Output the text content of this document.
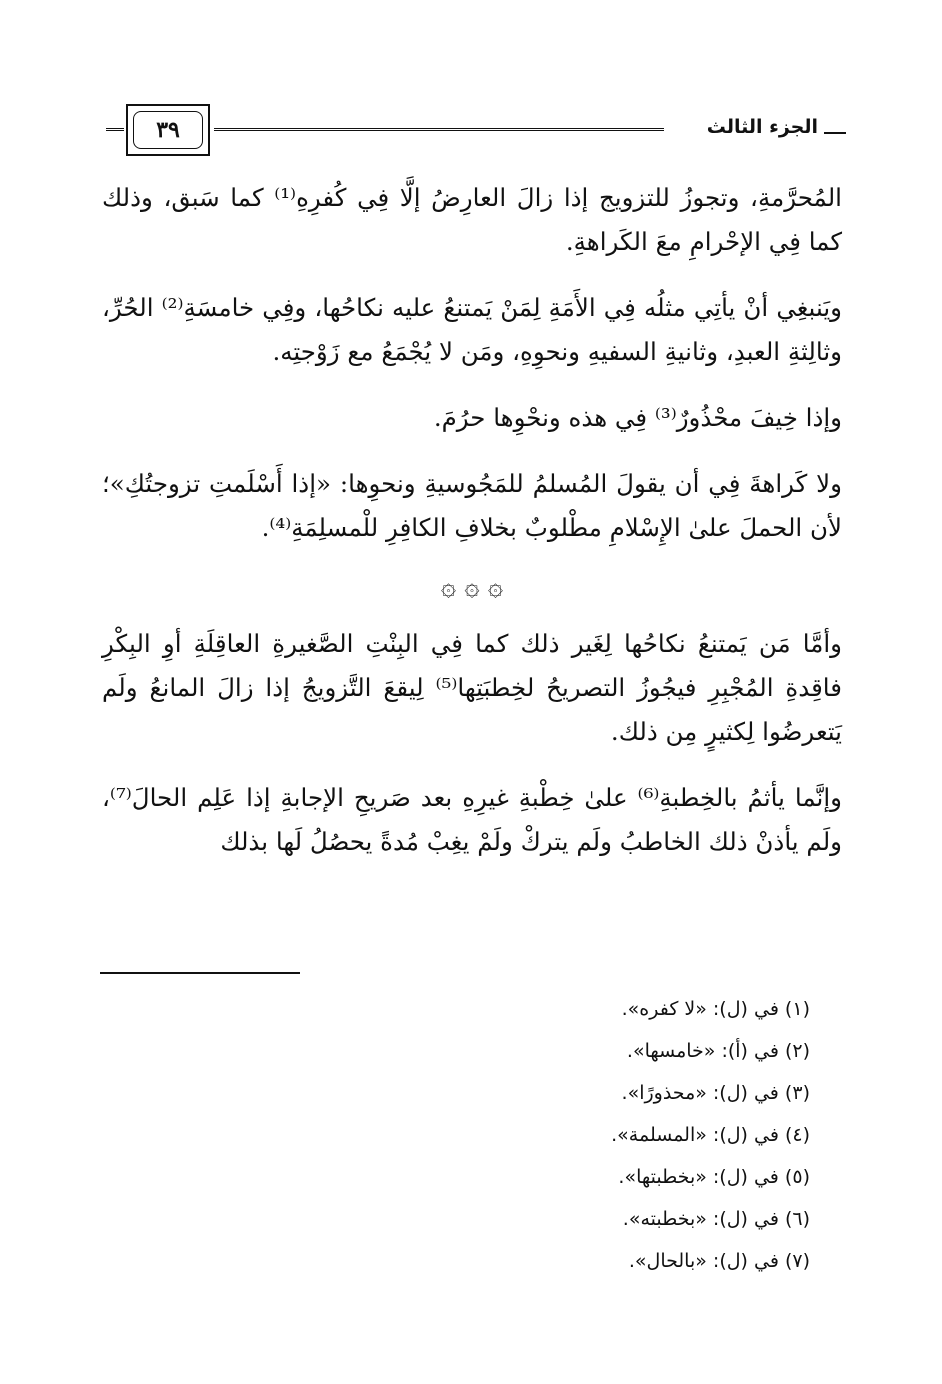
الجزء الثالث
٣٩

المُحرَّمةِ، وتجوزُ للتزويج إذا زالَ العارِضُ إلَّا فِي كُفرِهِ⁽¹⁾ كما سَبق، وذلك كما فِي الإحْرامِ معَ الكَراهةِ.

ويَنبغِي أنْ يأتِي مثلُه فِي الأَمَةِ لِمَنْ يَمتنعُ عليه نكاحُها، وفِي خامسَةِ⁽²⁾ الحُرِّ، وثالِثةِ العبدِ، وثانيةِ السفيهِ ونحوِهِ، ومَن لا يُجْمَعُ مع زَوْجتِه.

وإذا خِيفَ محْذُورٌ⁽³⁾ فِي هذه ونحْوِها حرُمَ.

ولا كَراهةَ فِي أن يقولَ المُسلمُ للمَجُوسيةِ ونحوِها: «إذا أَسْلَمتِ تزوجتُكِ»؛ لأن الحملَ علىٰ الإِسْلامِ مطْلوبٌ بخلافِ الكافِرِ للْمسلِمَةِ⁽⁴⁾.

۞ ۞ ۞

وأمَّا مَن يَمتنعُ نكاحُها لِغَير ذلك كما فِي البِنْتِ الصَّغيرةِ العاقِلَةِ أوِ البِكْرِ فاقِدةِ المُجْبِرِ فيجُوزُ التصريحُ لخِطبَتِها⁽⁵⁾ لِيقعَ التَّزويجُ إذا زالَ المانعُ ولَم يَتعرضُوا لِكثيرٍ مِن ذلك.

وإنَّما يأثمُ بالخِطبةِ⁽⁶⁾ علىٰ خِطْبةِ غيرِهِ بعد صَريحِ الإجابةِ إذا عَلِم الحالَ⁽⁷⁾، ولَم يأذنْ ذلك الخاطبُ ولَم يتركْ ولَمْ يغِبْ مُدةً يحصُلُ لَها بذلك

(١) في (ل): «لا كفره».

(٢) في (أ): «خامسها».

(٣) في (ل): «محذورًا».

(٤) في (ل): «المسلمة».

(٥) في (ل): «بخطبتها».

(٦) في (ل): «بخطبته».

(٧) في (ل): «بالحال».
